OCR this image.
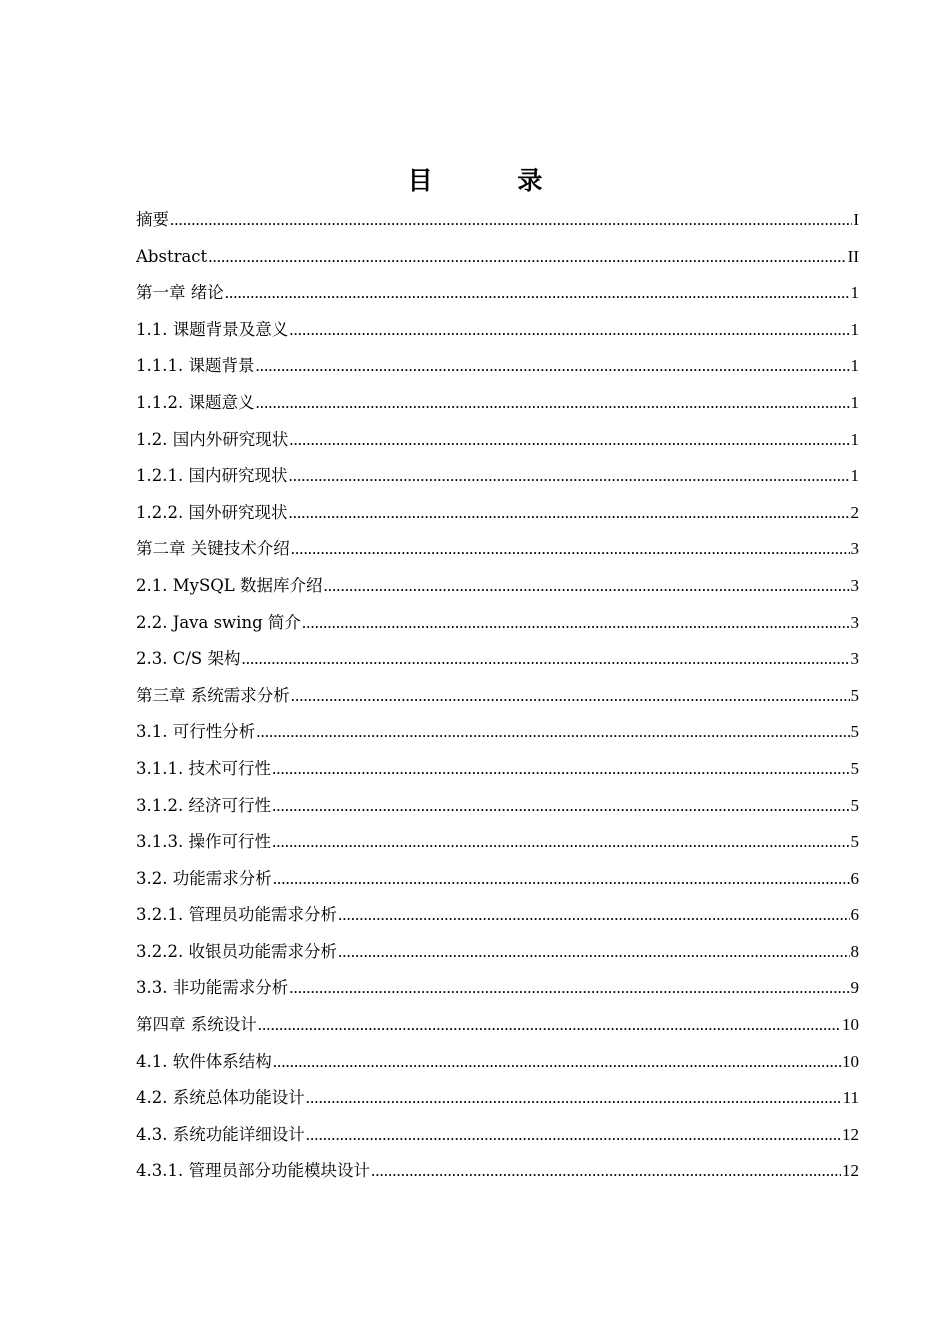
目 录
摘要 .....	I
Abstract .....	II
第一章 绪论 .....	1
1.1. 课题背景及意义 .....	1
1.1.1. 课题背景 .....	1
1.1.2. 课题意义 .....	1
1.2. 国内外研究现状 .....	1
1.2.1. 国内研究现状 .....	1
1.2.2. 国外研究现状 .....	2
第二章 关键技术介绍 .....	3
2.1. MySQL 数据库介绍 .....	3
2.2. Java swing 简介 .....	3
2.3. C/S 架构 .....	3
第三章 系统需求分析 .....	5
3.1. 可行性分析 .....	5
3.1.1. 技术可行性 .....	5
3.1.2. 经济可行性 .....	5
3.1.3. 操作可行性 .....	5
3.2. 功能需求分析 .....	6
3.2.1. 管理员功能需求分析 .....	6
3.2.2. 收银员功能需求分析 .....	8
3.3. 非功能需求分析 .....	9
第四章 系统设计 .....	10
4.1. 软件体系结构 .....	10
4.2. 系统总体功能设计 .....	11
4.3. 系统功能详细设计 .....	12
4.3.1. 管理员部分功能模块设计 .....	12
